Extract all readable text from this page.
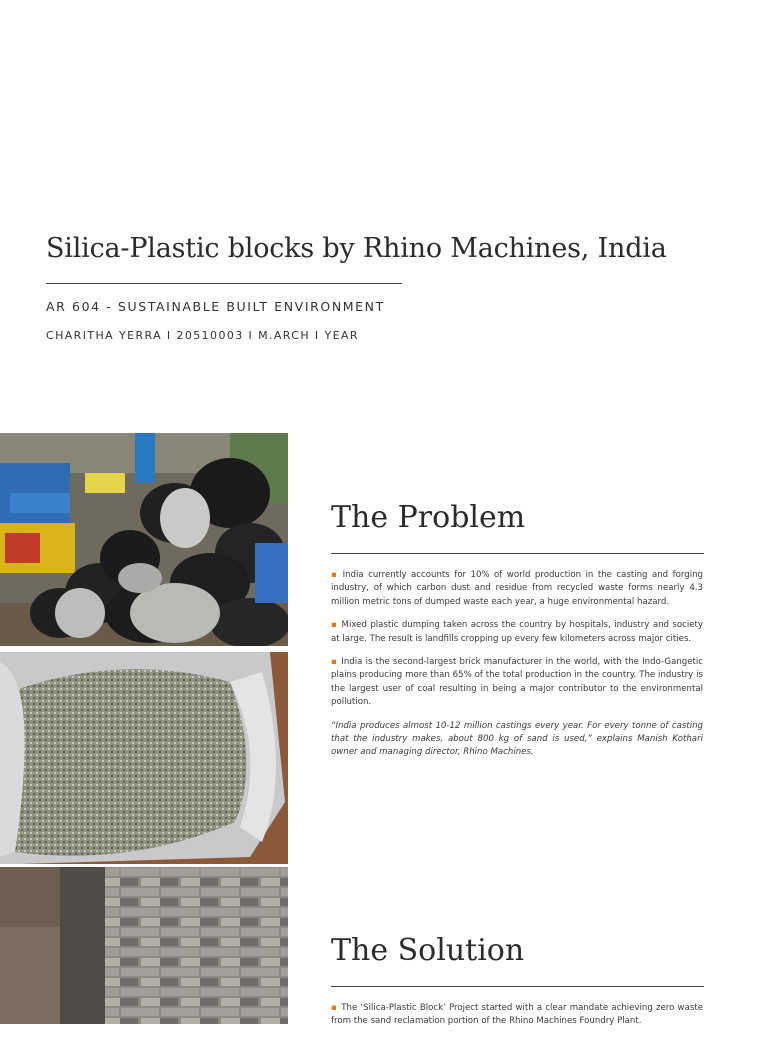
Silica-Plastic blocks by Rhino Machines, India
AR 604 - SUSTAINABLE BUILT ENVIRONMENT
CHARITHA YERRA I 20510003 I M.ARCH I YEAR
The Problem

▪ India currently accounts for 10% of world production in the casting and forging industry, of which carbon dust and residue from recycled waste forms nearly 4.3 million metric tons of dumped waste each year, a huge environmental hazard.

▪ Mixed plastic dumping taken across the country by hospitals, industry and society at large. The result is landfills cropping up every few kilometers across major cities.

▪ India is the second-largest brick manufacturer in the world, with the Indo-Gangetic plains producing more than 65% of the total production in the country. The industry is the largest user of coal resulting in being a major contributor to the environmental pollution.

“India produces almost 10-12 million castings every year. For every tonne of casting that the industry makes, about 800 kg of sand is used,” explains Manish Kothari owner and managing director, Rhino Machines.

The Solution

▪ The ‘Silica-Plastic Block’ Project started with a clear mandate achieving zero waste from the sand reclamation portion of the Rhino Machines Foundry Plant.
